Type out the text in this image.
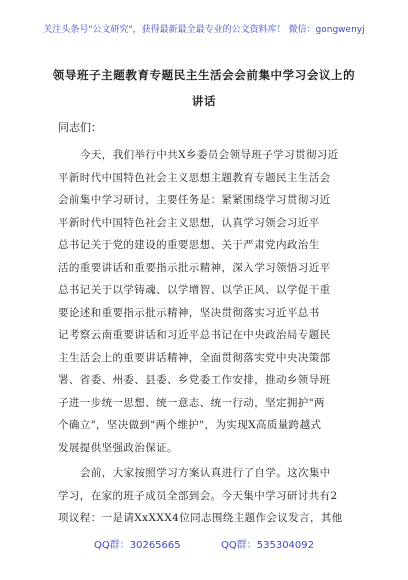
关注头条号"公文研究"，获得最新最全最专业的公文资料库！ 微信：gongwenyj
领导班子主题教育专题民主生活会会前集中学习会议上的
讲话
同志们：
今天，我们举行中共X乡委员会领导班子学习贯彻习近
平新时代中国特色社会主义思想主题教育专题民主生活会
会前集中学习研讨，主要任务是：紧紧围绕学习贯彻习近
平新时代中国特色社会主义思想，认真学习领会习近平
总书记关于党的建设的重要思想、关于严肃党内政治生
活的重要讲话和重要指示批示精神，深入学习领悟习近平
总书记关于以学铸魂、以学增智、以学正风、以学促干重
要论述和重要指示批示精神，坚决贯彻落实习近平总书
记考察云南重要讲话和习近平总书记在中央政治局专题民
主生活会上的重要讲话精神，全面贯彻落实党中央决策部
署、省委、州委、县委、乡党委工作安排，推动乡领导班
子进一步统一思想、统一意志、统一行动，坚定拥护"两
个确立"，坚决做到"两个维护"，为实现X高质量跨越式
发展提供坚强政治保证。
会前，大家按照学习方案认真进行了自学。这次集中
学习，在家的班子成员全部到会。今天集中学习研讨共有2
项议程：一是请XxXXX4位同志围绕主题作会议发言，其他
QQ群：30265665	QQ群：535304092
